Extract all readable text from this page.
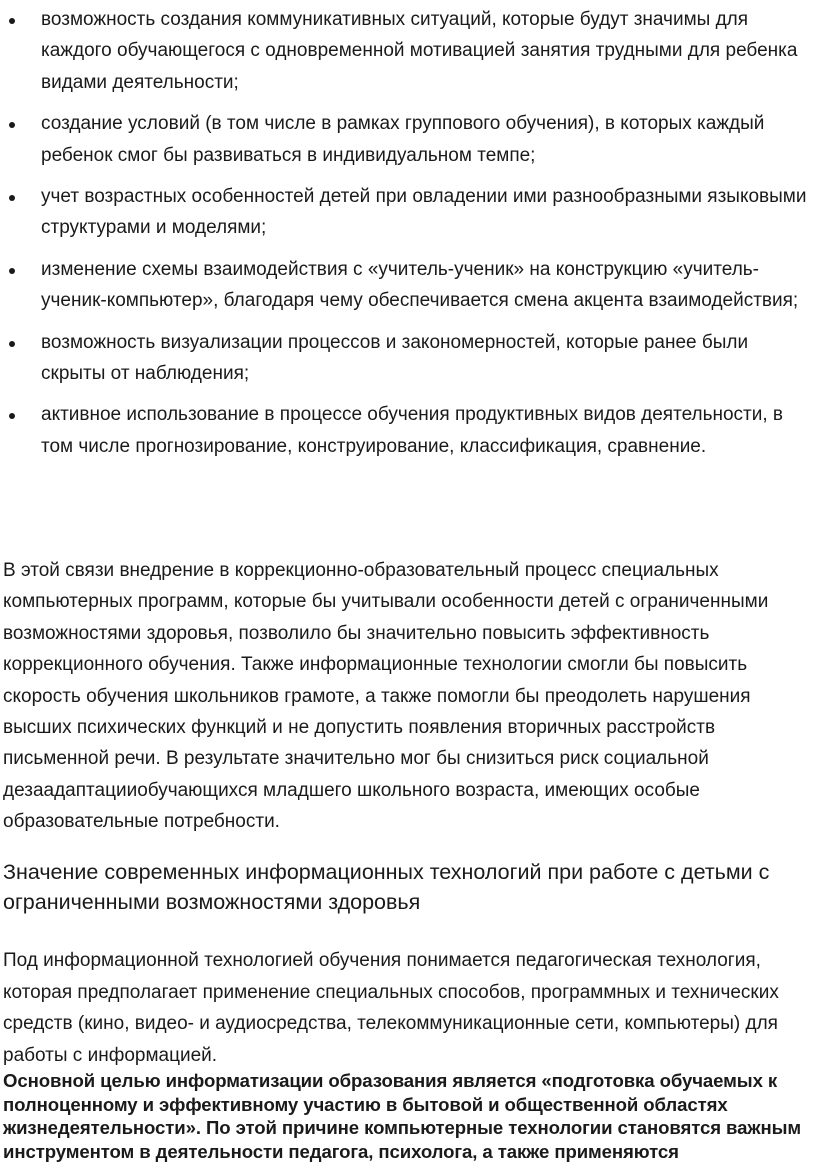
возможность создания коммуникативных ситуаций, которые будут значимы для каждого обучающегося с одновременной мотивацией занятия трудными для ребенка видами деятельности;
создание условий (в том числе в рамках группового обучения), в которых каждый ребенок смог бы развиваться в индивидуальном темпе;
учет возрастных особенностей детей при овладении ими разнообразными языковыми структурами и моделями;
изменение схемы взаимодействия с «учитель-ученик» на конструкцию «учитель-ученик-компьютер», благодаря чему обеспечивается смена акцента взаимодействия;
возможность визуализации процессов и закономерностей, которые ранее были скрыты от наблюдения;
активное использование в процессе обучения продуктивных видов деятельности, в том числе прогнозирование, конструирование, классификация, сравнение.

В этой связи внедрение в коррекционно-образовательный процесс специальных компьютерных программ, которые бы учитывали особенности детей с ограниченными возможностями здоровья, позволило бы значительно повысить эффективность коррекционного обучения. Также информационные технологии смогли бы повысить скорость обучения школьников грамоте, а также помогли бы преодолеть нарушения высших психических функций и не допустить появления вторичных расстройств письменной речи. В результате значительно мог бы снизиться риск социальной дезаадаптацииобучающихся младшего школьного возраста, имеющих особые образовательные потребности.

Значение современных информационных технологий при работе с детьми с ограниченными возможностями здоровья

Под информационной технологией обучения понимается педагогическая технология, которая предполагает применение специальных способов, программных и технических средств (кино, видео- и аудиосредства, телекоммуникационные сети, компьютеры) для работы с информацией.

Основной целью информатизации образования является «подготовка обучаемых к полноценному и эффективному участию в бытовой и общественной областях жизнедеятельности». По этой причине компьютерные технологии становятся важным инструментом в деятельности педагога, психолога, а также применяются
